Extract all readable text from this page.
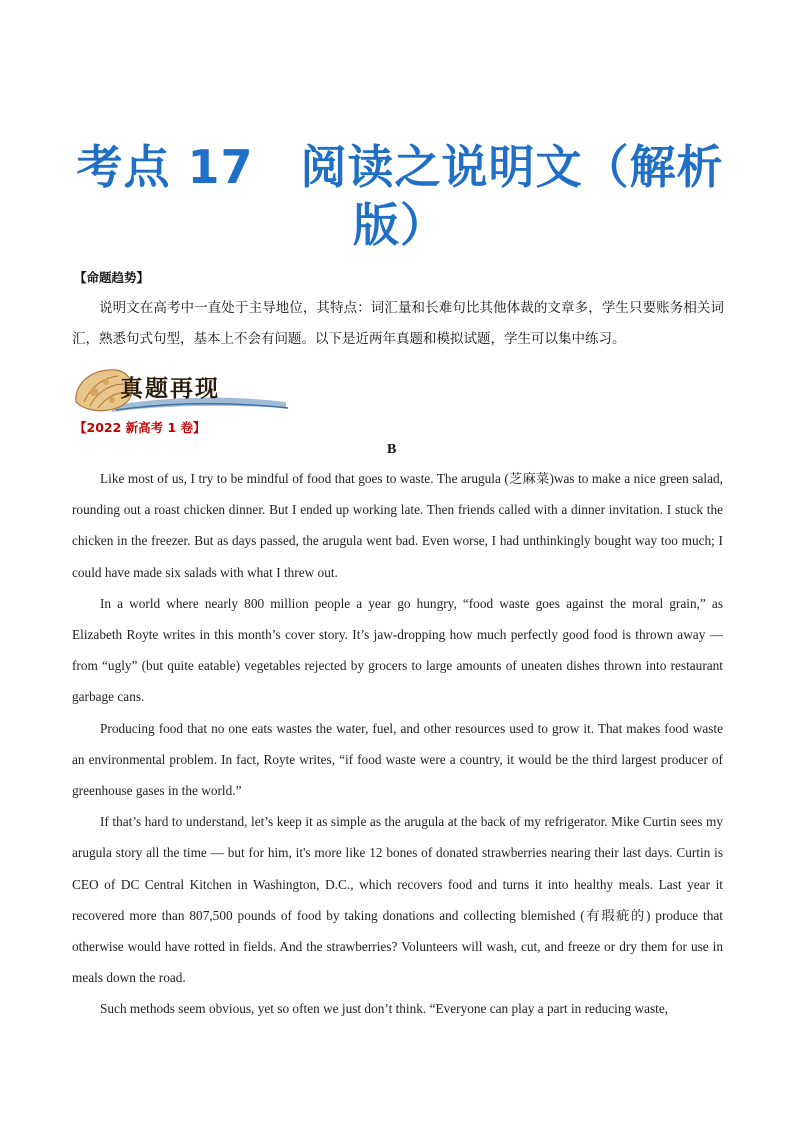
考点 17　阅读之说明文（解析
版）
【命题趋势】
说明文在高考中一直处于主导地位，其特点：词汇量和长难句比其他体裁的文章多，学生只要账务相关词汇，熟悉句式句型，基本上不会有问题。以下是近两年真题和模拟试题，学生可以集中练习。
真题再现
【2022 新高考 1 卷】
B

Like most of us, I try to be mindful of food that goes to waste. The arugula (芝麻菜)was to make a nice green salad, rounding out a roast chicken dinner. But I ended up working late. Then friends called with a dinner invitation. I stuck the chicken in the freezer. But as days passed, the arugula went bad. Even worse, I had unthinkingly bought way too much; I could have made six salads with what I threw out.

In a world where nearly 800 million people a year go hungry, “food waste goes against the moral grain,” as Elizabeth Royte writes in this month’s cover story. It’s jaw-dropping how much perfectly good food is thrown away — from “ugly” (but quite eatable) vegetables rejected by grocers to large amounts of uneaten dishes thrown into restaurant garbage cans.

Producing food that no one eats wastes the water, fuel, and other resources used to grow it. That makes food waste an environmental problem. In fact, Royte writes, “if food waste were a country, it would be the third largest producer of greenhouse gases in the world.”

If that’s hard to understand, let’s keep it as simple as the arugula at the back of my refrigerator. Mike Curtin sees my arugula story all the time — but for him, it's more like 12 bones of donated strawberries nearing their last days. Curtin is CEO of DC Central Kitchen in Washington, D.C., which recovers food and turns it into healthy meals. Last year it recovered more than 807,500 pounds of food by taking donations and collecting blemished (有瑕疵的) produce that otherwise would have rotted in fields. And the strawberries? Volunteers will wash, cut, and freeze or dry them for use in meals down the road.

Such methods seem obvious, yet so often we just don’t think. “Everyone can play a part in reducing waste,
